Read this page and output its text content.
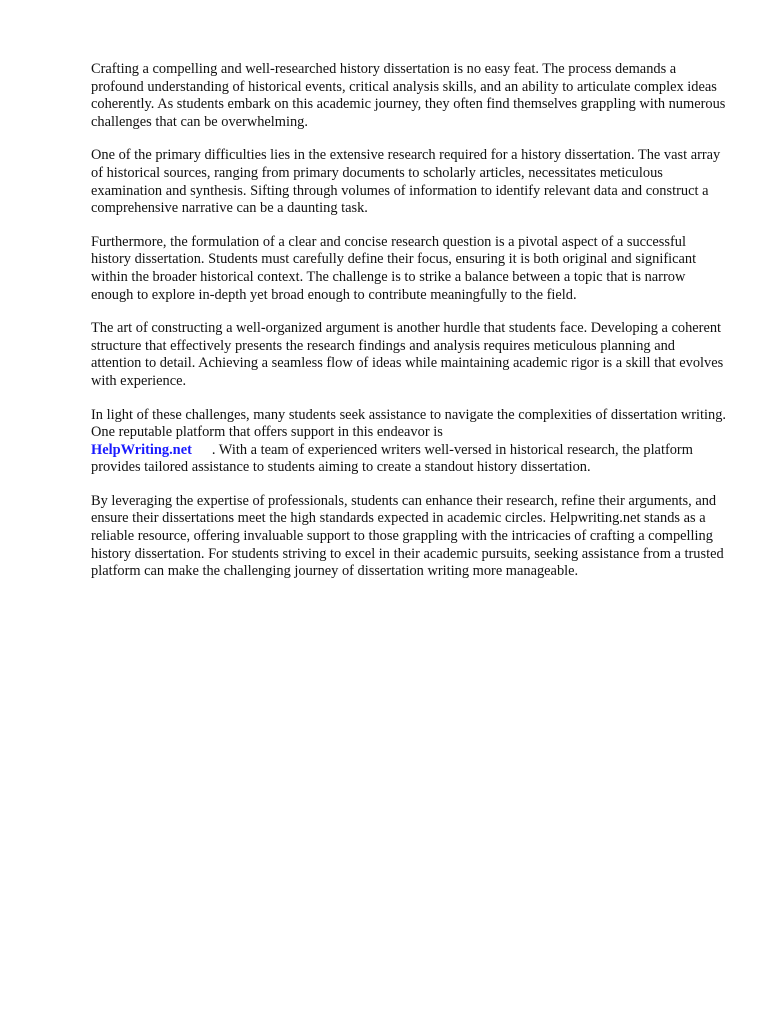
Crafting a compelling and well-researched history dissertation is no easy feat. The process demands a profound understanding of historical events, critical analysis skills, and an ability to articulate complex ideas coherently. As students embark on this academic journey, they often find themselves grappling with numerous challenges that can be overwhelming.

One of the primary difficulties lies in the extensive research required for a history dissertation. The vast array of historical sources, ranging from primary documents to scholarly articles, necessitates meticulous examination and synthesis. Sifting through volumes of information to identify relevant data and construct a comprehensive narrative can be a daunting task.

Furthermore, the formulation of a clear and concise research question is a pivotal aspect of a successful history dissertation. Students must carefully define their focus, ensuring it is both original and significant within the broader historical context. The challenge is to strike a balance between a topic that is narrow enough to explore in-depth yet broad enough to contribute meaningfully to the field.

The art of constructing a well-organized argument is another hurdle that students face. Developing a coherent structure that effectively presents the research findings and analysis requires meticulous planning and attention to detail. Achieving a seamless flow of ideas while maintaining academic rigor is a skill that evolves with experience.

In light of these challenges, many students seek assistance to navigate the complexities of dissertation writing. One reputable platform that offers support in this endeavor is
HelpWriting.net . With a team of experienced writers well-versed in historical research, the platform provides tailored assistance to students aiming to create a standout history dissertation.

By leveraging the expertise of professionals, students can enhance their research, refine their arguments, and ensure their dissertations meet the high standards expected in academic circles. Helpwriting.net stands as a reliable resource, offering invaluable support to those grappling with the intricacies of crafting a compelling history dissertation. For students striving to excel in their academic pursuits, seeking assistance from a trusted platform can make the challenging journey of dissertation writing more manageable.
